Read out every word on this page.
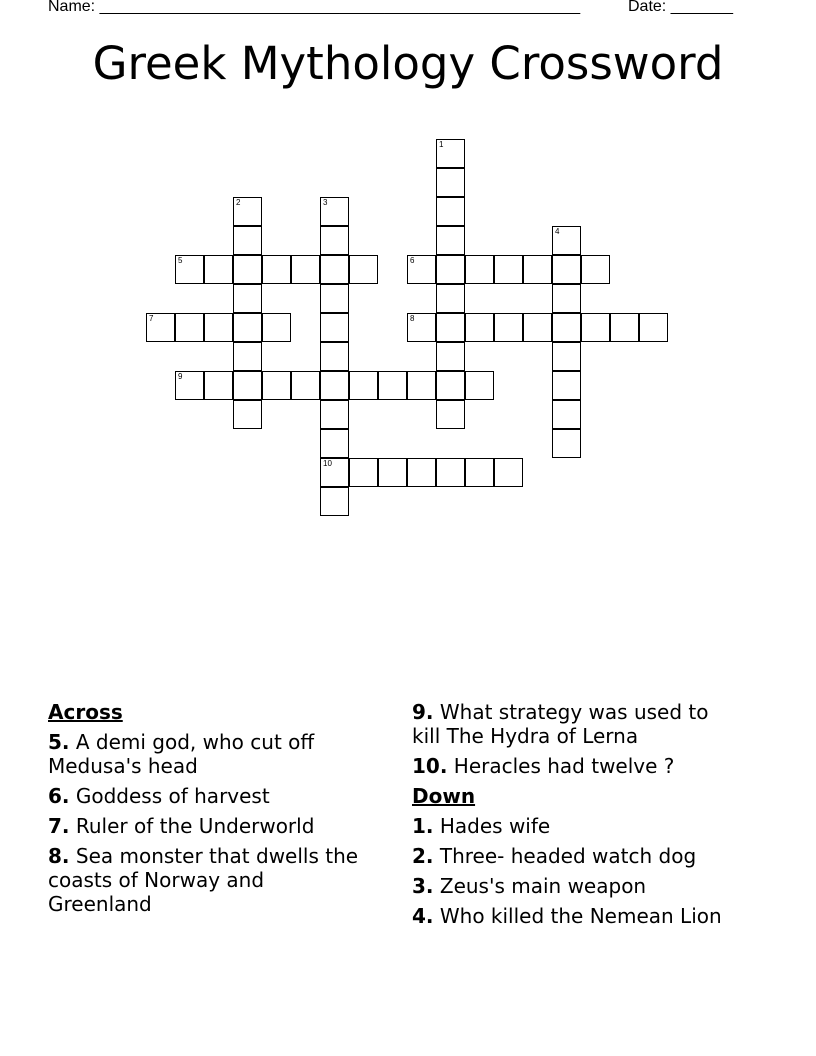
Name: ______________________________________________________	Date: _______
Greek Mythology Crossword
1
2	3
10
4
5	6
7	8
9
Across
5. A demi god, who cut off Medusa's head
6. Goddess of harvest
7. Ruler of the Underworld
8. Sea monster that dwells the coasts of Norway and Greenland
9. What strategy was used to kill The Hydra of Lerna
10. Heracles had twelve ?
Down
1. Hades wife
2. Three- headed watch dog
3. Zeus's main weapon
4. Who killed the Nemean Lion
